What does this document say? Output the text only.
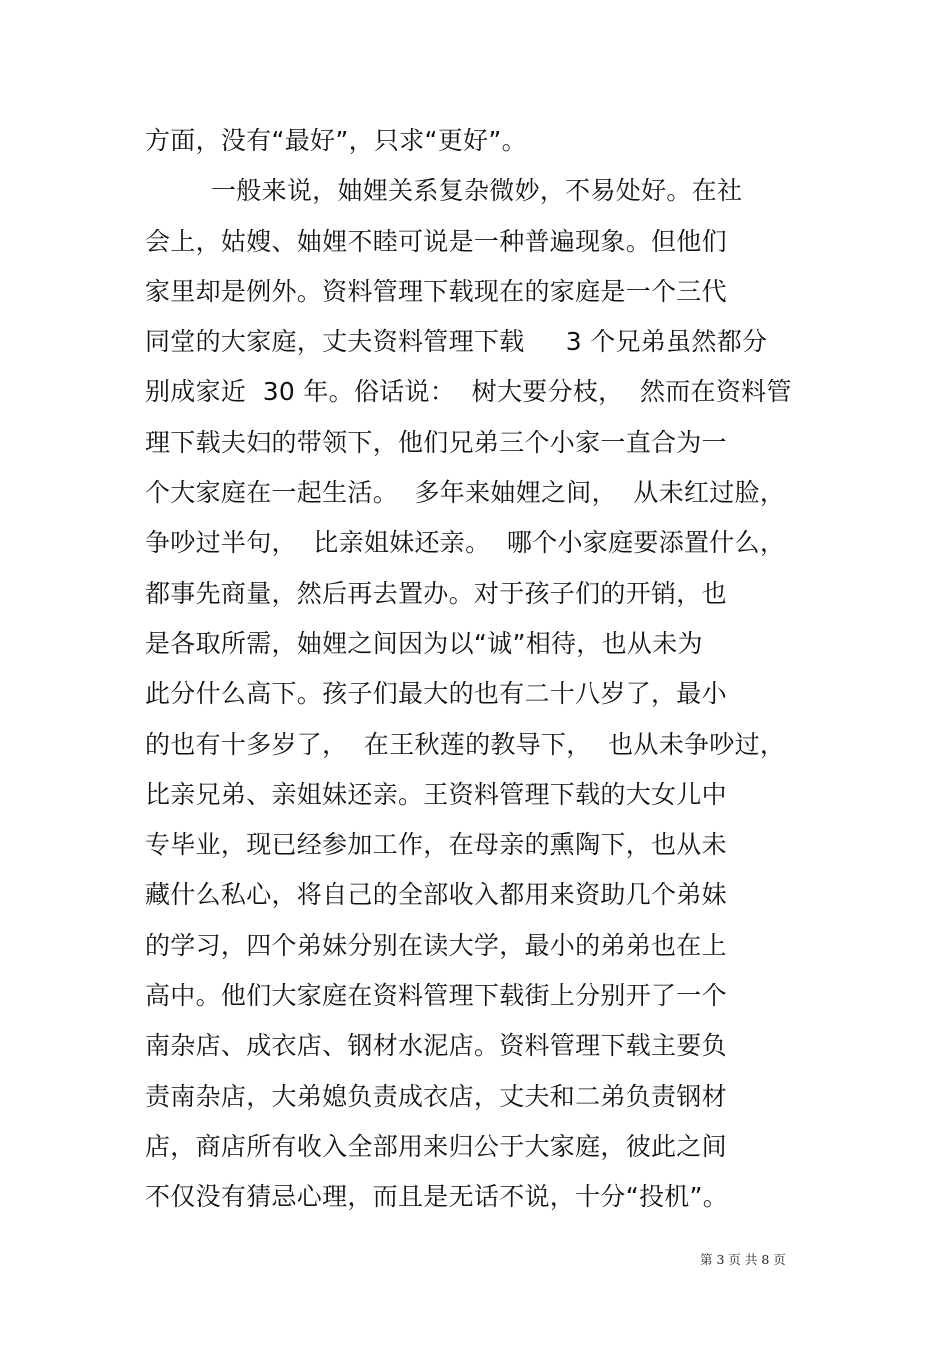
方面，没有“最好”，只求“更好”。
一般来说，妯娌关系复杂微妙，不易处好。在社
会上，姑嫂、妯娌不睦可说是一种普遍现象。但他们
家里却是例外。资料管理下载现在的家庭是一个三代
同堂的大家庭，丈夫资料管理下载     3 个兄弟虽然都分
别成家近  30 年。俗话说：  树大要分枝，  然而在资料管
理下载夫妇的带领下，他们兄弟三个小家一直合为一
个大家庭在一起生活。  多年来妯娌之间，  从未红过脸，
争吵过半句，  比亲姐妹还亲。  哪个小家庭要添置什么，
都事先商量，然后再去置办。对于孩子们的开销，也
是各取所需，妯娌之间因为以“诚”相待，也从未为
此分什么高下。孩子们最大的也有二十八岁了，最小
的也有十多岁了，  在王秋莲的教导下，  也从未争吵过，
比亲兄弟、亲姐妹还亲。王资料管理下载的大女儿中
专毕业，现已经参加工作，在母亲的熏陶下，也从未
藏什么私心，将自己的全部收入都用来资助几个弟妹
的学习，四个弟妹分别在读大学，最小的弟弟也在上
高中。他们大家庭在资料管理下载街上分别开了一个
南杂店、成衣店、钢材水泥店。资料管理下载主要负
责南杂店，大弟媳负责成衣店，丈夫和二弟负责钢材
店，商店所有收入全部用来归公于大家庭，彼此之间
不仅没有猜忌心理，而且是无话不说，十分“投机”。
第 3 页 共 8 页
